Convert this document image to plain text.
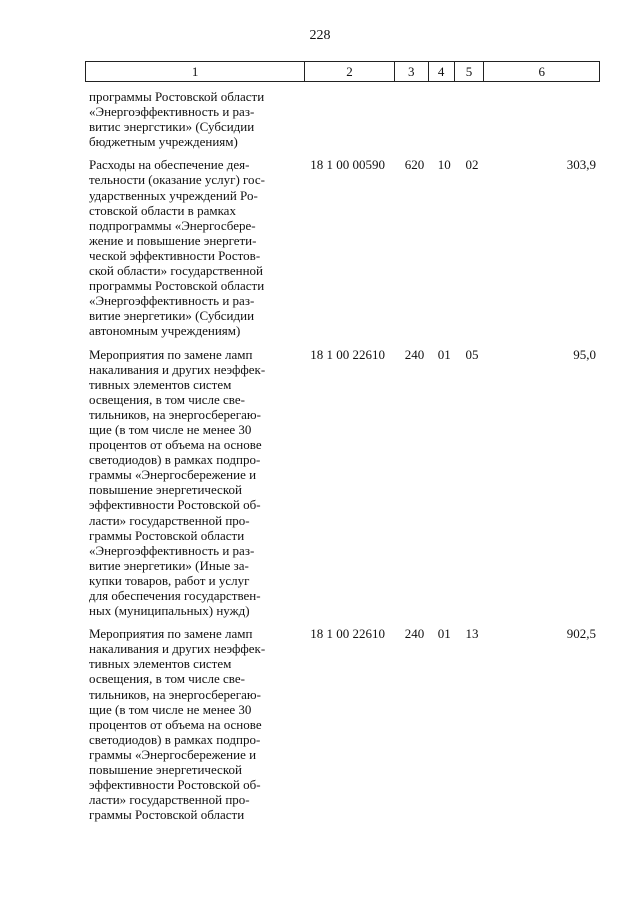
228
1	2	3	4	5	6
программы Ростовской области
«Энергоэффективность и раз-
витис энергстики» (Субсидии
бюджетным учреждениям)
Расходы на обеспечение дея-
тельности (оказание услуг) гос-
ударственных учреждений Ро-
стовской области в рамках
подпрограммы «Энергосбере-
жение и повышение энергети-
ческой эффективности Ростов-
ской области» государственной
программы Ростовской области
«Энергоэффективность и раз-
витие энергетики» (Субсидии
автономным учреждениям)
18 1 00 00590	620	10	02	303,9
Мероприятия по замене ламп
накаливания и других неэффек-
тивных элементов систем
освещения, в том числе све-
тильников, на энергосберегаю-
щие (в том числе не менее 30
процентов от объема на основе
светодиодов) в рамках подпро-
граммы «Энергосбережение и
повышение энергетической
эффективности Ростовской об-
ласти» государственной про-
граммы Ростовской области
«Энергоэффективность и раз-
витие энергетики» (Иные за-
купки товаров, работ и услуг
для обеспечения государствен-
ных (муниципальных) нужд)
18 1 00 22610	240	01	05	95,0
Мероприятия по замене ламп
накаливания и других неэффек-
тивных элементов систем
освещения, в том числе све-
тильников, на энергосберегаю-
щие (в том числе не менее 30
процентов от объема на основе
светодиодов) в рамках подпро-
граммы «Энергосбережение и
повышение энергетической
эффективности Ростовской об-
ласти» государственной про-
граммы Ростовской области
18 1 00 22610	240	01	13	902,5
